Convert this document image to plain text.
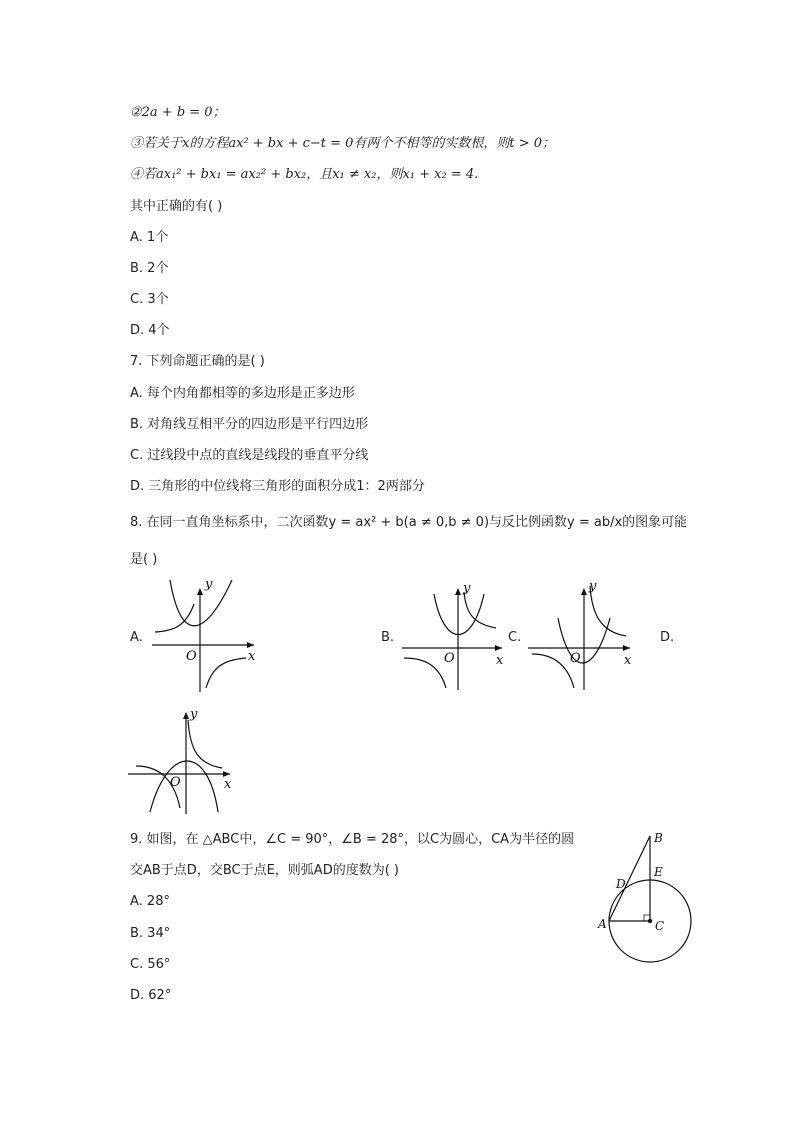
②2a + b = 0；
③若关于x的方程ax² + bx + c−t = 0有两个不相等的实数根，则t > 0；
④若ax₁² + bx₁ = ax₂² + bx₂，且x₁ ≠ x₂，则x₁ + x₂ = 4.
其中正确的有( )
A. 1个
B. 2个
C. 3个
D. 4个
7. 下列命题正确的是( )
A. 每个内角都相等的多边形是正多边形
B. 对角线互相平分的四边形是平行四边形
C. 过线段中点的直线是线段的垂直平分线
D. 三角形的中位线将三角形的面积分成1：2两部分
8. 在同一直角坐标系中，二次函数y = ax² + b(a ≠ 0,b ≠ 0)与反比例函数y = ab/x的图象可能
是( )
A.	B.	C.	D.
O	x
y
O	x
y
O	x
y
O	x
y
9. 如图，在 △ABC中，∠C = 90°，∠B = 28°，以C为圆心，CA为半径的圆
交AB于点D，交BC于点E，则弧AD的度数为( )
A. 28°
B. 34°
C. 56°
D. 62°
B
E
D
A	C
